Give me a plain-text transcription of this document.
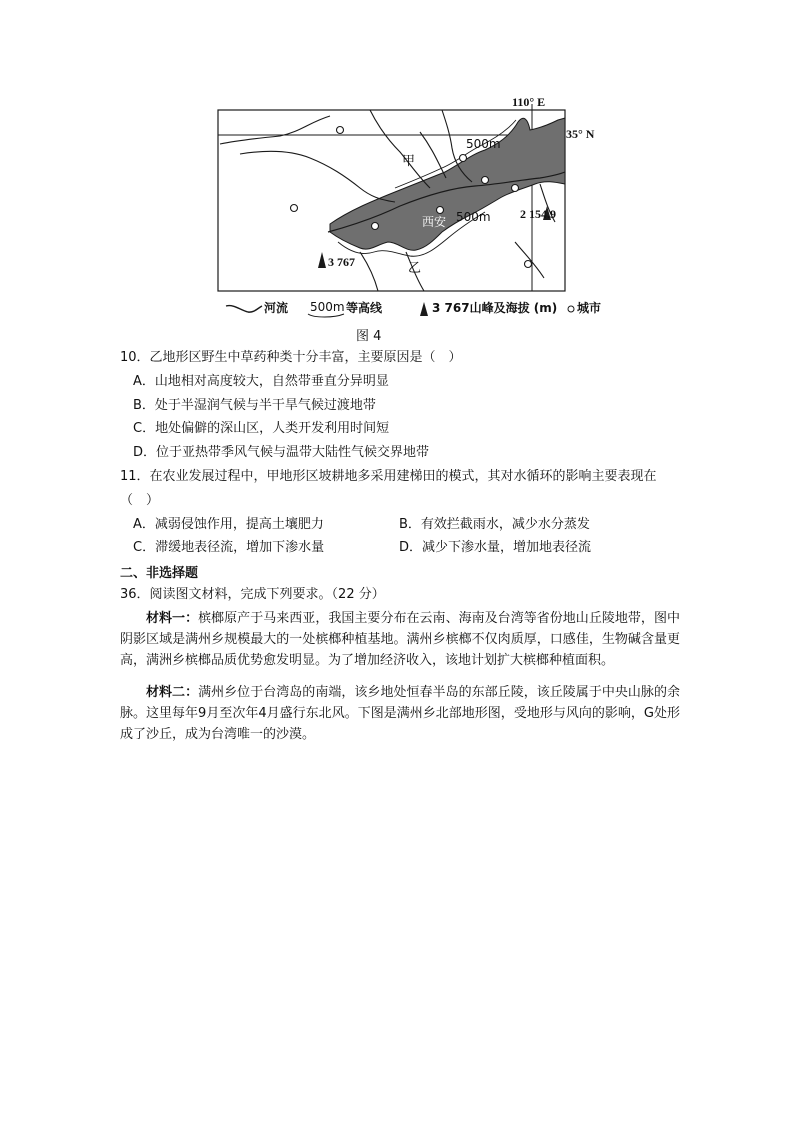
110° E
35° N
500m
甲
500m
西安
2 154.9
3 767	乙
河流 500m 等高线	3 767山峰及海拔 (m) 城市
图 4
10．乙地形区野生中草药种类十分丰富，主要原因是（　）
A．山地相对高度较大，自然带垂直分异明显
B．处于半湿润气候与半干旱气候过渡地带
C．地处偏僻的深山区，人类开发利用时间短
D．位于亚热带季风气候与温带大陆性气候交界地带
11．在农业发展过程中，甲地形区坡耕地多采用建梯田的模式，其对水循环的影响主要表现在
（　）
A．减弱侵蚀作用，提高土壤肥力	B．有效拦截雨水，减少水分蒸发
C．滞缓地表径流，增加下渗水量	D．减少下渗水量，增加地表径流
二、非选择题
36．阅读图文材料，完成下列要求。（22 分）
材料一：槟榔原产于马来西亚，我国主要分布在云南、海南及台湾等省份地山丘陵地带，图中阴影区域是满州乡规模最大的一处槟榔种植基地。满州乡槟榔不仅肉质厚，口感佳，生物碱含量更高，满洲乡槟榔品质优势愈发明显。为了增加经济收入，该地计划扩大槟榔种植面积。
材料二：满州乡位于台湾岛的南端，该乡地处恒春半岛的东部丘陵，该丘陵属于中央山脉的余脉。这里每年9月至次年4月盛行东北风。下图是满州乡北部地形图，受地形与风向的影响，G处形成了沙丘，成为台湾唯一的沙漠。
